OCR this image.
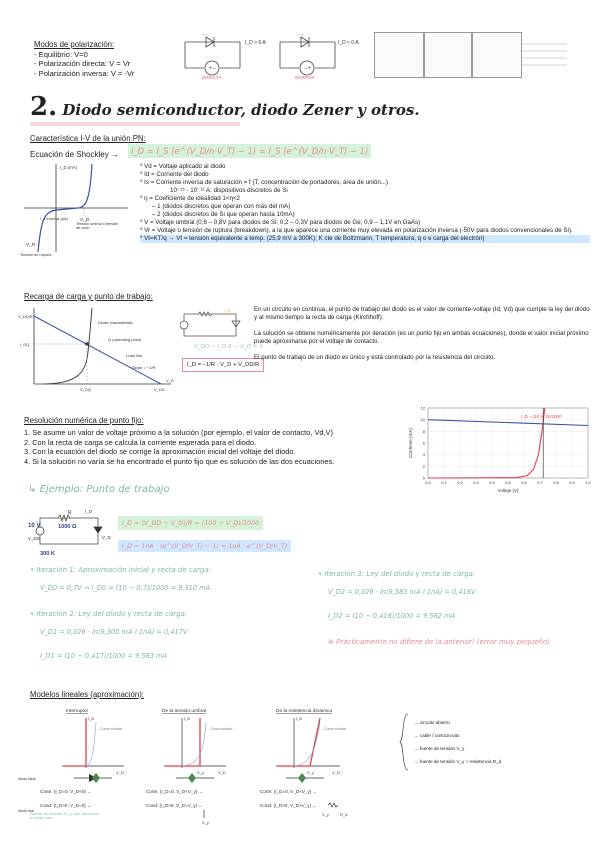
Modos de polarización:
- Equilibrio: V=0
- Polarización directa: V = Vr
- Polarización inversa: V = -Vr	+−
+ −
I_D > 0 A
DIRECTA
−+
− +
I_D ≈ 0 A
INVERSA
2. Diodo semiconductor, diodo Zener y otros.
Característica I-V de la unión PN:
Ecuación de Shockley →	I_D = I_S (e^(V_D/n·V_T) − 1) = I_S (e^(V_D/n·V_T) − 1)
I_D (mA)
I_s inversa (pA) V_D
Tensión umbral o tensión de codo
V_R
Tensión de ruptura
* Vd = Voltaje aplicado al diodo
* Id = Corriente del diodo
* Is = Corriente inversa de saturación = f (T, concentración de portadores, área de unión...)
10⁻¹⁵ - 10⁻¹² A: dispositivos discretos de Si
* η = Coeficiente de idealidad 1<η<2
– 1 (diodos discretos que operan con más del mA)
– 2 (diodos discretos de Si que operan hasta 10mA)
* V = Voltaje umbral (0,6 – 0,8V para diodos de Si; 0,2 – 0,3V para diodos de Ge; 0,9 – 1,1V en GaAs)
* Vr = Voltaje o tensión de ruptura (breakdown), a la que aparece una corriente muy elevada en polarización inversa (-50V para diodos convencionales de Si).
* Vt=KT/q → Vt = tensión equivalente a temp. (25,9 mV a 300K); K cte de Boltzmann, T temperatura, q o e carga del electrón)
Recarga de carga y punto de trabajo:
V_DD/R
I_DQ
Diode characteristic
Q (operating point)
Load line
Slope = −1/R
V_DQ	V_DD
V_D
I_D
V_DD − I_D·R − V_D = 0
I_D = −1/R · V_D + V_DD/R
En un circuito en continua, el punto de trabajo del diodo es el valor de corriente-voltaje (Id, Vd) que cumple la ley del diodo y al mismo tiempo la recta de carga (Kirchhoff).
La solución se obtiene numéricamente por iteración (es un punto fijo en ambas ecuaciones), donde el valor inicial próximo puede aproximarse por el voltaje de contacto.
El punto de trabajo de un diodo es único y está controlado por la resistencia del circuito.
Resolución numérica de punto fijo:
1. Se asume un valor de voltaje próximo a la solución (por ejemplo, el valor de contacto, Vd,V)
2. Con la recta de carga se calcula la corriente esperada para el diodo.
3. Con la ecuación del diodo se corrige la aproximación inicial del voltaje del diodo.
4. Si la solución no varía se ha encontrado el punto fijo que es solución de las dos ecuaciones.
0
2
4
6
8
10
12
0.0	0.1	0.2	0.3	0.4	0.5	0.6	0.7	0.8	0.9	1.0
I_D = (10-V_D)/1000
Voltaje (V)
Corriente (mA)
↳ Ejemplo: Punto de trabajo
10 V
V_DD
R
1000 Ω
I_D
V_D
300 K
I_D = (V_DD − V_D)/R = (100 − V_D)/1000
I_D = 1nA · (e^(V_D/V_T) − 1) ≈ 1nA · e^(V_D/V_T)
• Iteración 1: Aproximación inicial y recta de carga:
V_D0 = 0,7V → I_D0 = (10 − 0,7)/1000 = 9,310 mA
• Iteración 2: Ley del diodo y recta de carga:
V_D1 = 0,026 · ln(9,300 mA / 1nA) = 0,417V
I_D1 = (10 − 0,417)/1000 = 9,583 mA
• Iteración 3: Ley del diodo y recta de carga:
V_D2 = 0,026 · ln(9,583 mA / 1nA) = 0,418V
I_D2 = (10 − 0,418)/1000 = 9,582 mA
⊛ Prácticamente no difiere de la anterior! (error muy pequeño)
Modelos lineales (aproximación):
Interruptor	De la tensión umbral	De la resistencia dinámica
I_D
Curva modelo
V_D
I_D
Curva modelo
V_γ	V_D
I_D
Curva modelo
V_γ	V_D
diodo ideal
diodo real
Corte: (I_D=0, V_D<0) ←
Cond: (I_D>0, V_D=0) ←
Corte: (I_D=0, V_D<V_γ) ←
Cond: (I_D>0, V_D=V_γ) ←
Corte: (I_D=0, V_D<V_γ) ←
Cond: (I_D>0, V_D>V_γ) ←
V_γ
V_γ	R_d
Fuente de tensión (V_γ) que aproxima el diodo real
→ circuito abierto
→ cable / cortocircuito
→ fuente de tensión V_γ
→ fuente de tensión V_γ + resistencia R_d
